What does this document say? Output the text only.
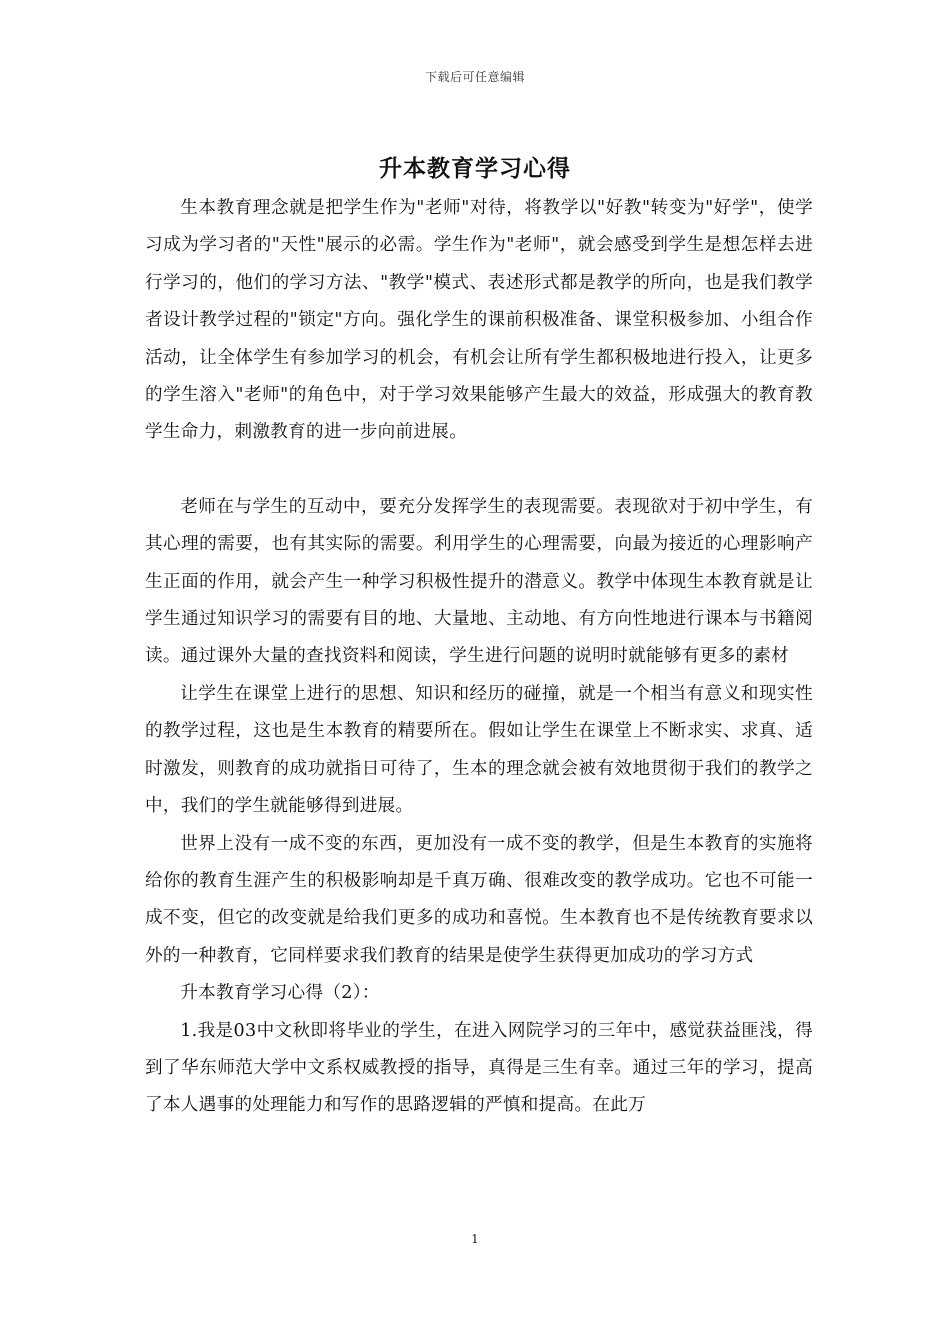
下载后可任意编辑
升本教育学习心得

生本教育理念就是把学生作为"老师"对待，将教学以"好教"转变为"好学"，使学习成为学习者的"天性"展示的必需。学生作为"老师"，就会感受到学生是想怎样去进行学习的，他们的学习方法、"教学"模式、表述形式都是教学的所向，也是我们教学者设计教学过程的"锁定"方向。强化学生的课前积极准备、课堂积极参加、小组合作活动，让全体学生有参加学习的机会，有机会让所有学生都积极地进行投入，让更多的学生溶入"老师"的角色中，对于学习效果能够产生最大的效益，形成强大的教育教学生命力，刺激教育的进一步向前进展。

老师在与学生的互动中，要充分发挥学生的表现需要。表现欲对于初中学生，有其心理的需要，也有其实际的需要。利用学生的心理需要，向最为接近的心理影响产生正面的作用，就会产生一种学习积极性提升的潜意义。教学中体现生本教育就是让学生通过知识学习的需要有目的地、大量地、主动地、有方向性地进行课本与书籍阅读。通过课外大量的查找资料和阅读，学生进行问题的说明时就能够有更多的素材

让学生在课堂上进行的思想、知识和经历的碰撞，就是一个相当有意义和现实性的教学过程，这也是生本教育的精要所在。假如让学生在课堂上不断求实、求真、适时激发，则教育的成功就指日可待了，生本的理念就会被有效地贯彻于我们的教学之中，我们的学生就能够得到进展。

世界上没有一成不变的东西，更加没有一成不变的教学，但是生本教育的实施将给你的教育生涯产生的积极影响却是千真万确、很难改变的教学成功。它也不可能一成不变，但它的改变就是给我们更多的成功和喜悦。生本教育也不是传统教育要求以外的一种教育，它同样要求我们教育的结果是使学生获得更加成功的学习方式

升本教育学习心得（2）：

1.我是03中文秋即将毕业的学生，在进入网院学习的三年中，感觉获益匪浅，得到了华东师范大学中文系权威教授的指导，真得是三生有幸。通过三年的学习，提高了本人遇事的处理能力和写作的思路逻辑的严慎和提高。在此万

1
